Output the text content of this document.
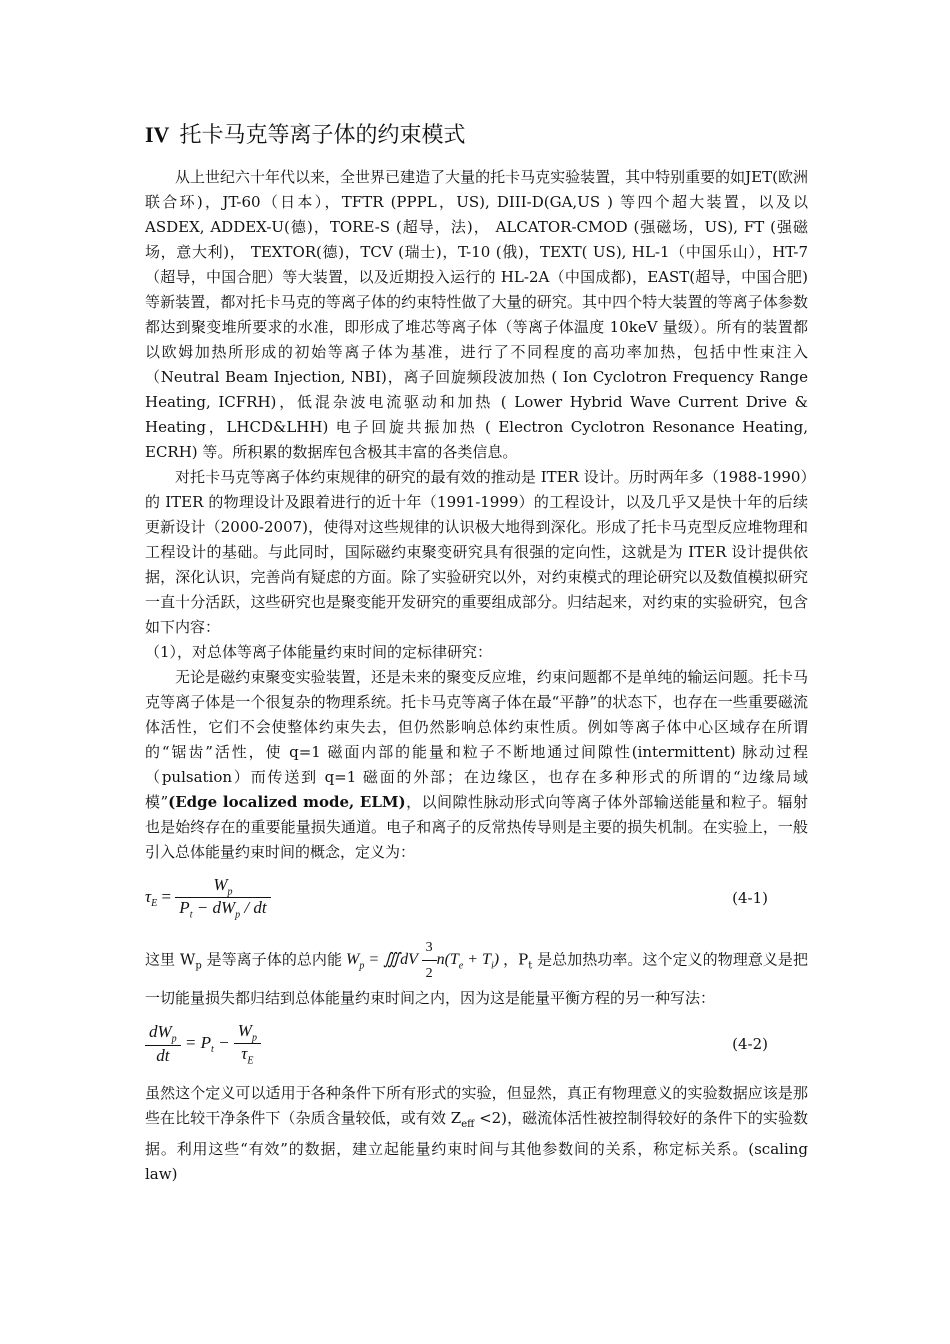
IV 托卡马克等离子体的约束模式

从上世纪六十年代以来，全世界已建造了大量的托卡马克实验装置，其中特别重要的如JET(欧洲联合环)，JT-60（日本），TFTR (PPPL，US), DIII-D(GA,US ) 等四个超大装置，以及以 ASDEX, ADDEX-U(德)，TORE-S (超导，法)， ALCATOR-CMOD (强磁场，US), FT (强磁场，意大利)， TEXTOR(德)，TCV (瑞士)，T-10 (俄)，TEXT( US), HL-1（中国乐山），HT-7（超导，中国合肥）等大装置，以及近期投入运行的 HL-2A（中国成都)，EAST(超导，中国合肥)等新装置，都对托卡马克的等离子体的约束特性做了大量的研究。其中四个特大装置的等离子体参数都达到聚变堆所要求的水准，即形成了堆芯等离子体（等离子体温度 10keV 量级）。所有的装置都以欧姆加热所形成的初始等离子体为基准，进行了不同程度的高功率加热，包括中性束注入（Neutral Beam Injection, NBI)，离子回旋频段波加热 ( Ion Cyclotron Frequency Range Heating, ICFRH)，低混杂波电流驱动和加热 ( Lower Hybrid Wave Current Drive & Heating，LHCD&LHH) 电子回旋共振加热 ( Electron Cyclotron Resonance Heating, ECRH) 等。所积累的数据库包含极其丰富的各类信息。

对托卡马克等离子体约束规律的研究的最有效的推动是 ITER 设计。历时两年多（1988-1990）的 ITER 的物理设计及跟着进行的近十年（1991-1999）的工程设计，以及几乎又是快十年的后续更新设计（2000-2007)，使得对这些规律的认识极大地得到深化。形成了托卡马克型反应堆物理和工程设计的基础。与此同时，国际磁约束聚变研究具有很强的定向性，这就是为 ITER 设计提供依据，深化认识，完善尚有疑虑的方面。除了实验研究以外，对约束模式的理论研究以及数值模拟研究一直十分活跃，这些研究也是聚变能开发研究的重要组成部分。归结起来，对约束的实验研究，包含如下内容：

（1），对总体等离子体能量约束时间的定标律研究：

无论是磁约束聚变实验装置，还是未来的聚变反应堆，约束问题都不是单纯的输运问题。托卡马克等离子体是一个很复杂的物理系统。托卡马克等离子体在最“平静”的状态下，也存在一些重要磁流体活性，它们不会使整体约束失去，但仍然影响总体约束性质。例如等离子体中心区域存在所谓的“锯齿”活性，使 q=1 磁面内部的能量和粒子不断地通过间隙性(intermittent) 脉动过程（pulsation）而传送到 q=1 磁面的外部；在边缘区，也存在多种形式的所谓的“边缘局域模”(Edge localized mode, ELM)，以间隙性脉动形式向等离子体外部输送能量和粒子。辐射也是始终存在的重要能量损失通道。电子和离子的反常热传导则是主要的损失机制。在实验上，一般引入总体能量约束时间的概念，定义为：

$\tau_E = \frac{W_p}{P_t - dW_p / dt}$	(4-1)

这里 $W_p$ 是等离子体的总内能 $W_p$ = ∭dV $\frac{3}{2} n(T_e + T_i)$ ，$P_t$ 是总加热功率。这个定义的物理意义是把一切能量损失都归结到总体能量约束时间之内，因为这是能量平衡方程的另一种写法：

$\frac{dW_p}{dt} = P_t - \frac{W_p}{\tau_E}$	(4-2)

虽然这个定义可以适用于各种条件下所有形式的实验，但显然，真正有物理意义的实验数据应该是那些在比较干净条件下（杂质含量较低，或有效 $Z_{eff} <2$)，磁流体活性被控制得较好的条件下的实验数据。利用这些“有效”的数据，建立起能量约束时间与其他参数间的关系，称定标关系。(scaling law)
